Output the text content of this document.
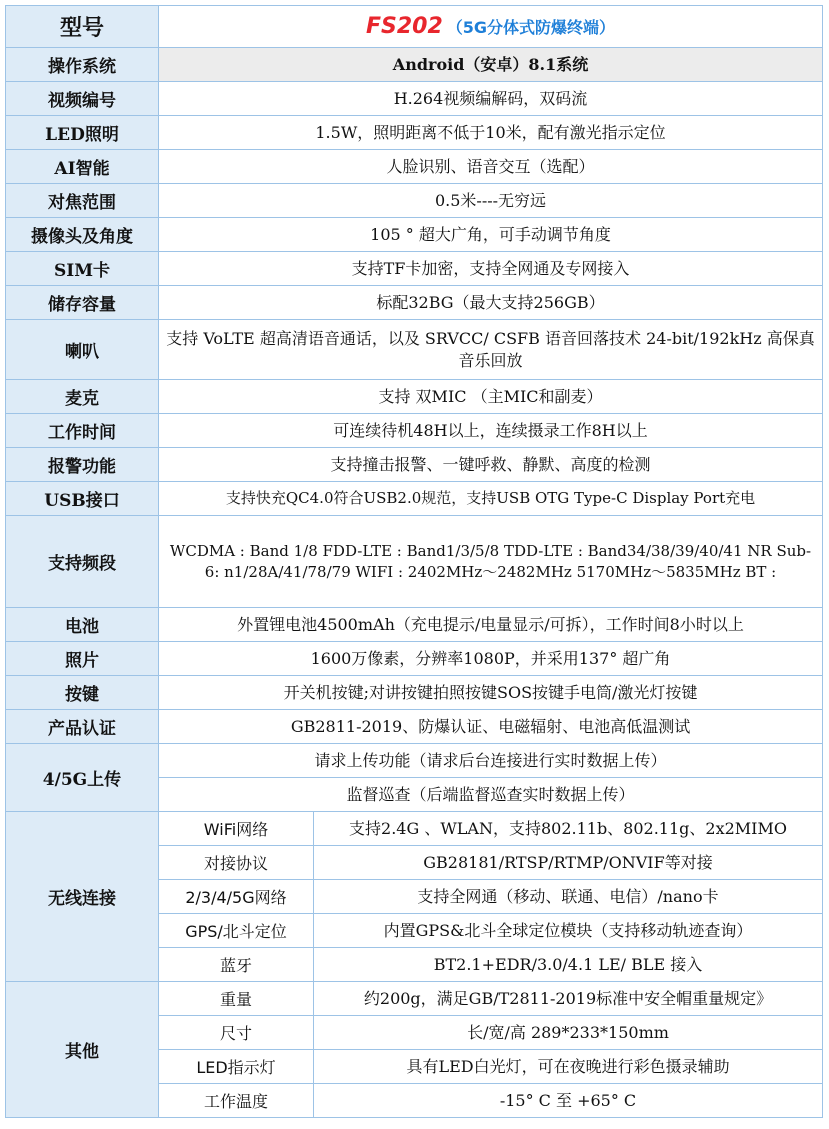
型号	FS202 （5G分体式防爆终端）	
操作系统	Android（安卓）8.1系统	
视频编号	H.264视频编解码，双码流	
LED照明	1.5W，照明距离不低于10米，配有激光指示定位	
AI智能	人脸识别、语音交互（选配）	
对焦范围	0.5米----无穷远	
摄像头及角度	105 ° 超大广角，可手动调节角度	
SIM卡	支持TF卡加密，支持全网通及专网接入	
储存容量	标配32BG（最大支持256GB）	
喇叭	支持 VoLTE 超高清语音通话，以及 SRVCC/ CSFB 语音回落技术 24-bit/192kHz 高保真音乐回放	
麦克	支持 双MIC （主MIC和副麦）	
工作时间	可连续待机48H以上，连续摄录工作8H以上	
报警功能	支持撞击报警、一键呼救、静默、高度的检测	
USB接口	支持快充QC4.0符合USB2.0规范，支持USB OTG Type-C Display Port充电	
支持频段	WCDMA : Band 1/8 FDD-LTE : Band1/3/5/8 TDD-LTE : Band34/38/39/40/41 NR Sub-6: n1/28A/41/78/79 WIFI : 2402MHz～2482MHz 5170MHz～5835MHz BT :	
电池	外置锂电池4500mAh（充电提示/电量显示/可拆），工作时间8小时以上	
照片	1600万像素，分辨率1080P，并采用137° 超广角	
按键	开关机按键;对讲按键拍照按键SOS按键手电筒/激光灯按键	
产品认证	GB2811-2019、防爆认证、电磁辐射、电池高低温测试	
4/5G上传	请求上传功能（请求后台连接进行实时数据上传）	
	监督巡查（后端监督巡查实时数据上传）	
无线连接	WiFi网络	支持2.4G 、WLAN，支持802.11b、802.11g、2x2MIMO
	对接协议	GB28181/RTSP/RTMP/ONVIF等对接
	2/3/4/5G网络	支持全网通（移动、联通、电信）/nano卡
	GPS/北斗定位	内置GPS&北斗全球定位模块（支持移动轨迹查询）
	蓝牙	BT2.1+EDR/3.0/4.1 LE/ BLE 接入
其他	重量	约200g，满足GB/T2811-2019标准中安全帽重量规定》
	尺寸	长/宽/高 289*233*150mm
	LED指示灯	具有LED白光灯，可在夜晚进行彩色摄录辅助
	工作温度	-15° C 至 +65° C
